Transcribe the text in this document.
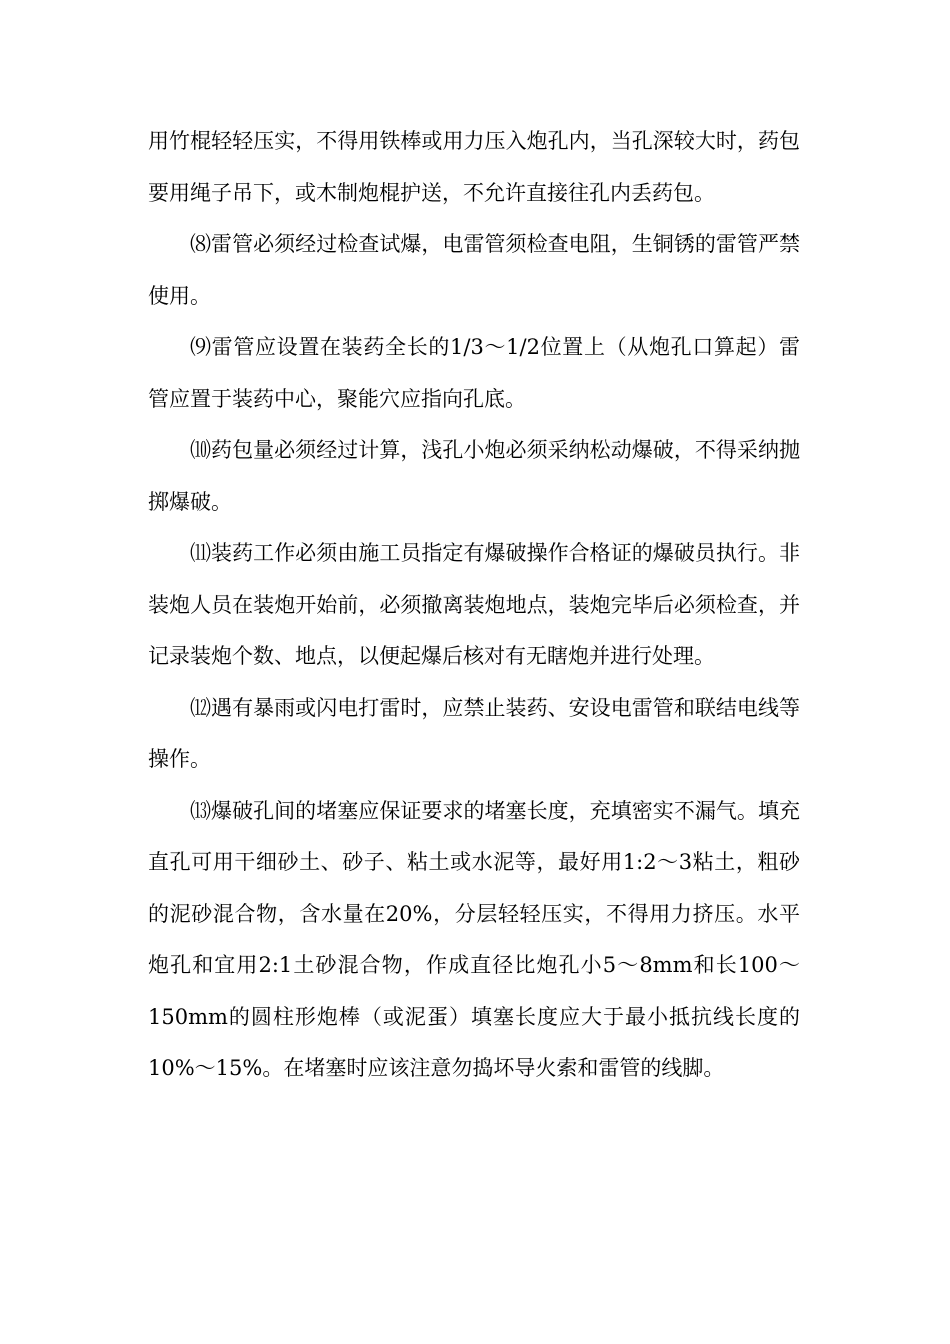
用竹棍轻轻压实，不得用铁棒或用力压入炮孔内，当孔深较大时，药包要用绳子吊下，或木制炮棍护送，不允许直接往孔内丢药包。

⑻雷管必须经过检查试爆，电雷管须检查电阻，生铜锈的雷管严禁使用。

⑼雷管应设置在装药全长的1/3～1/2位置上（从炮孔口算起）雷管应置于装药中心，聚能穴应指向孔底。

⑽药包量必须经过计算，浅孔小炮必须采纳松动爆破，不得采纳抛掷爆破。

⑾装药工作必须由施工员指定有爆破操作合格证的爆破员执行。非装炮人员在装炮开始前，必须撤离装炮地点，装炮完毕后必须检查，并记录装炮个数、地点，以便起爆后核对有无瞎炮并进行处理。

⑿遇有暴雨或闪电打雷时，应禁止装药、安设电雷管和联结电线等操作。

⒀爆破孔间的堵塞应保证要求的堵塞长度，充填密实不漏气。填充直孔可用干细砂土、砂子、粘土或水泥等，最好用1:2～3粘土，粗砂的泥砂混合物，含水量在20%，分层轻轻压实，不得用力挤压。水平炮孔和宜用2:1土砂混合物，作成直径比炮孔小5～8mm和长100～150mm的圆柱形炮棒（或泥蛋）填塞长度应大于最小抵抗线长度的10%～15%。在堵塞时应该注意勿捣坏导火索和雷管的线脚。
